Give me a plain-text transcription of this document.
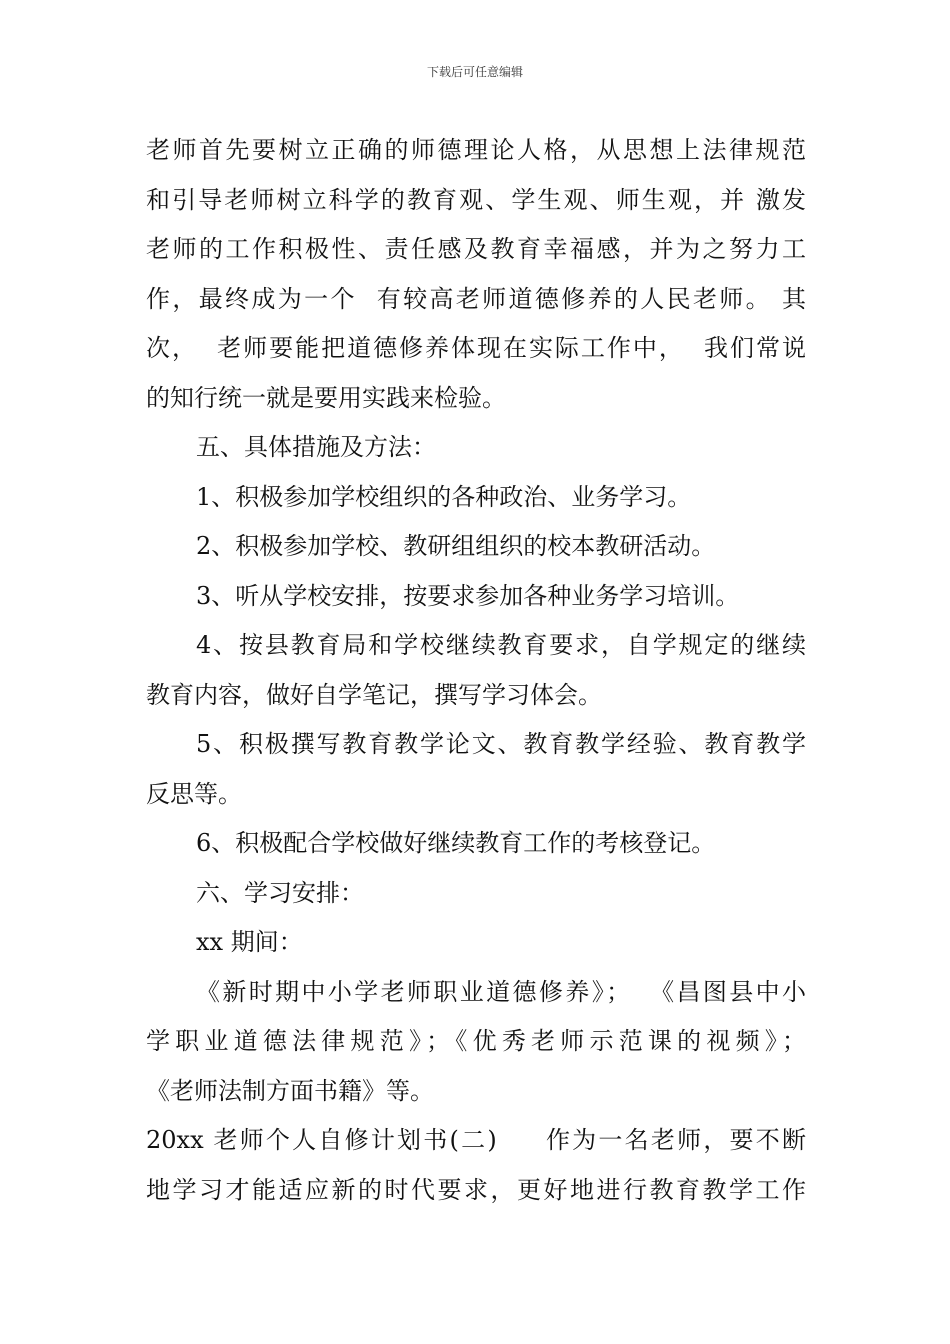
下载后可任意编辑
老师首先要树立正确的师德理论人格，从思想上法律规范
和引导老师树立科学的教育观、学生观、师生观，并 激发
老师的工作积极性、责任感及教育幸福感，并为之努力工
作，最终成为一个  有较高老师道德修养的人民老师。 其
次，  老师要能把道德修养体现在实际工作中，  我们常说
的知行统一就是要用实践来检验。
五、具体措施及方法：
1、积极参加学校组织的各种政治、业务学习。
2、积极参加学校、教研组组织的校本教研活动。
3、听从学校安排，按要求参加各种业务学习培训。
4、按县教育局和学校继续教育要求，自学规定的继续
教育内容，做好自学笔记，撰写学习体会。
5、积极撰写教育教学论文、教育教学经验、教育教学
反思等。
6、积极配合学校做好继续教育工作的考核登记。
六、学习安排：
xx 期间：
《新时期中小学老师职业道德修养》；  《昌图县中小
学职业道德法律规范》；《优秀老师示范课的视频》；
《老师法制方面书籍》等。
20xx 老师个人自修计划书(二)     作为一名老师，要不断
地学习才能适应新的时代要求，更好地进行教育教学工作
